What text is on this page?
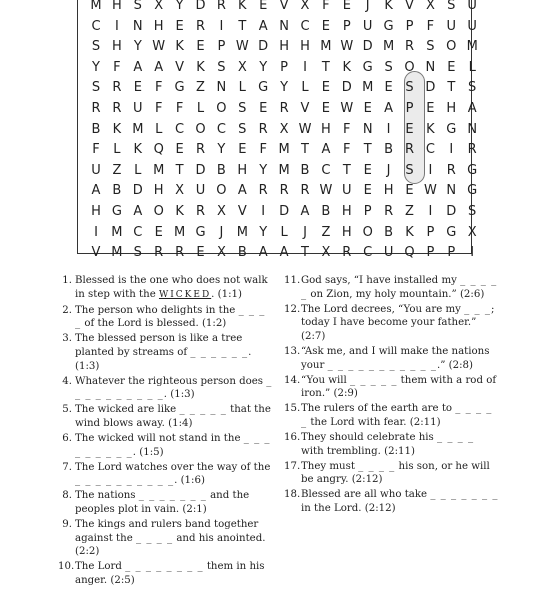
M H S X Y D R K E V X F	E	J	K V X S U
C	I	N H E R	I	T A N C E P U G P	F U U
S H Y W K E P W D H H M W D M R S O M
Y	F A A V K S X Y	P	I	T K G S O N E	L
S R E	F G Z N L G Y	L	E D M E S D T S
R R U F	F	L O S E R V E W E A P E H A
B K M L C O C S R X W H F N	I	E K G N
F	L	K Q E R Y E	F M T A F	T B R C	I	R
U Z L M T D B H Y M B C T E	J	S	I	R G
A B D H X U O A R R R W U E H E W N G
H G A O K R X V	I	D A B H P R Z	I	D S
I	M C E M G	J	M Y	L	J	Z H O B K P G X
V M S R R E X B A A T X R C U Q P	P	I
1. Blessed is the one who does not walk in step with the WICKED. (1:1)
2. The person who delights in the _ _ _ _ of the Lord is blessed. (1:2)
3. The blessed person is like a tree planted by streams of _ _ _ _ _ _. (1:3)
4. Whatever the righteous person does _ _ _ _ _ _ _ _ _ _. (1:3)
5. The wicked are like _ _ _ _ _ that the wind blows away. (1:4)
6. The wicked will not stand in the _ _ _ _ _ _ _ _ _. (1:5)
7. The Lord watches over the way of the _ _ _ _ _ _ _ _ _ _. (1:6)
8. The nations _ _ _ _ _ _ _ and the peoples plot in vain. (2:1)
9. The kings and rulers band together against the _ _ _ _ and his anointed. (2:2)
10. The Lord _ _ _ _ _ _ _ _ them in his anger. (2:5)
11. God says, “I have installed my _ _ _ _ _ on Zion, my holy mountain.” (2:6)
12. The Lord decrees, “You are my _ _ _; today I have become your father.” (2:7)
13. “Ask me, and I will make the nations your _ _ _ _ _ _ _ _ _ _ _.” (2:8)
14. “You will _ _ _ _ _ them with a rod of iron.” (2:9)
15. The rulers of the earth are to _ _ _ _ _ the Lord with fear. (2:11)
16. They should celebrate his _ _ _ _ with trembling. (2:11)
17. They must _ _ _ _ his son, or he will be angry. (2:12)
18. Blessed are all who take _ _ _ _ _ _ _ in the Lord. (2:12)
